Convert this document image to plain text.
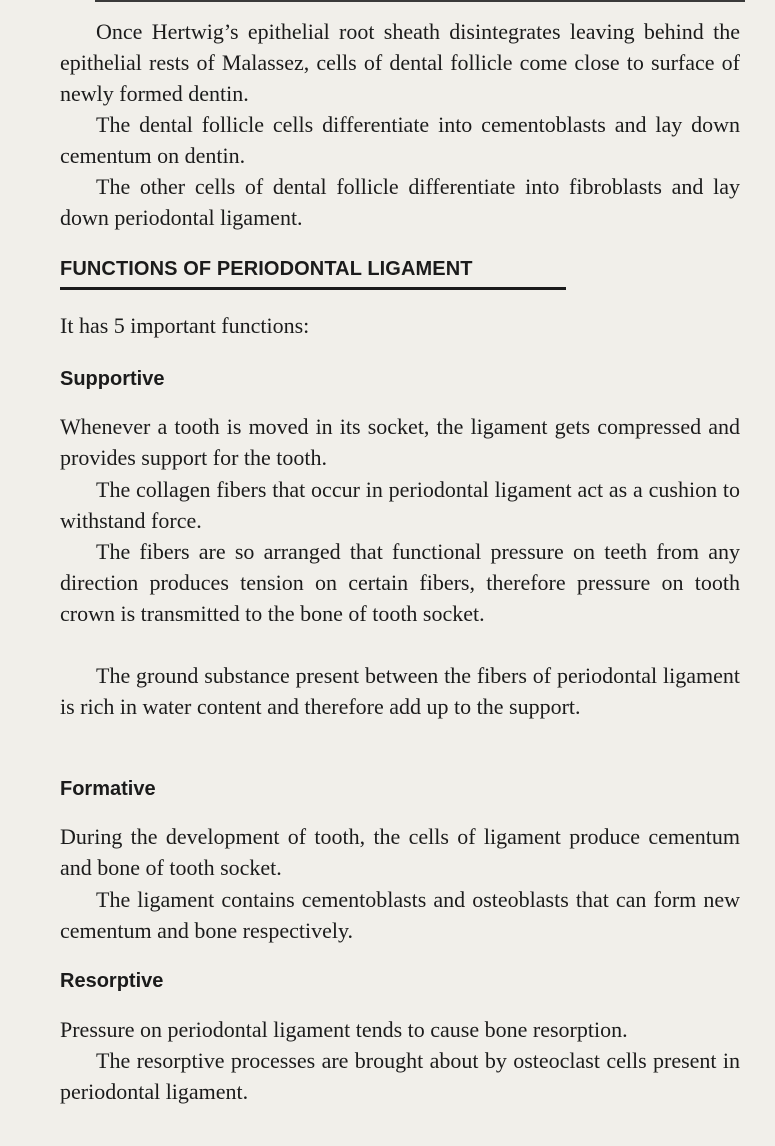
Once Hertwig’s epithelial root sheath disintegrates leaving behind the epithelial rests of Malassez, cells of dental follicle come close to surface of newly formed dentin.

The dental follicle cells differentiate into cementoblasts and lay down cementum on dentin.

The other cells of dental follicle differentiate into fibroblasts and lay down periodontal ligament.

FUNCTIONS OF PERIODONTAL LIGAMENT

It has 5 important functions:

Supportive

Whenever a tooth is moved in its socket, the ligament gets compressed and provides support for the tooth.

The collagen fibers that occur in periodontal ligament act as a cushion to withstand force.

The fibers are so arranged that functional pressure on teeth from any direction produces tension on certain fibers, therefore pressure on tooth crown is transmitted to the bone of tooth socket.

The ground substance present between the fibers of periodontal ligament is rich in water content and therefore add up to the support.

Formative

During the development of tooth, the cells of ligament produce cementum and bone of tooth socket.

The ligament contains cementoblasts and osteoblasts that can form new cementum and bone respectively.

Resorptive

Pressure on periodontal ligament tends to cause bone resorption.

The resorptive processes are brought about by osteoclast cells present in periodontal ligament.
